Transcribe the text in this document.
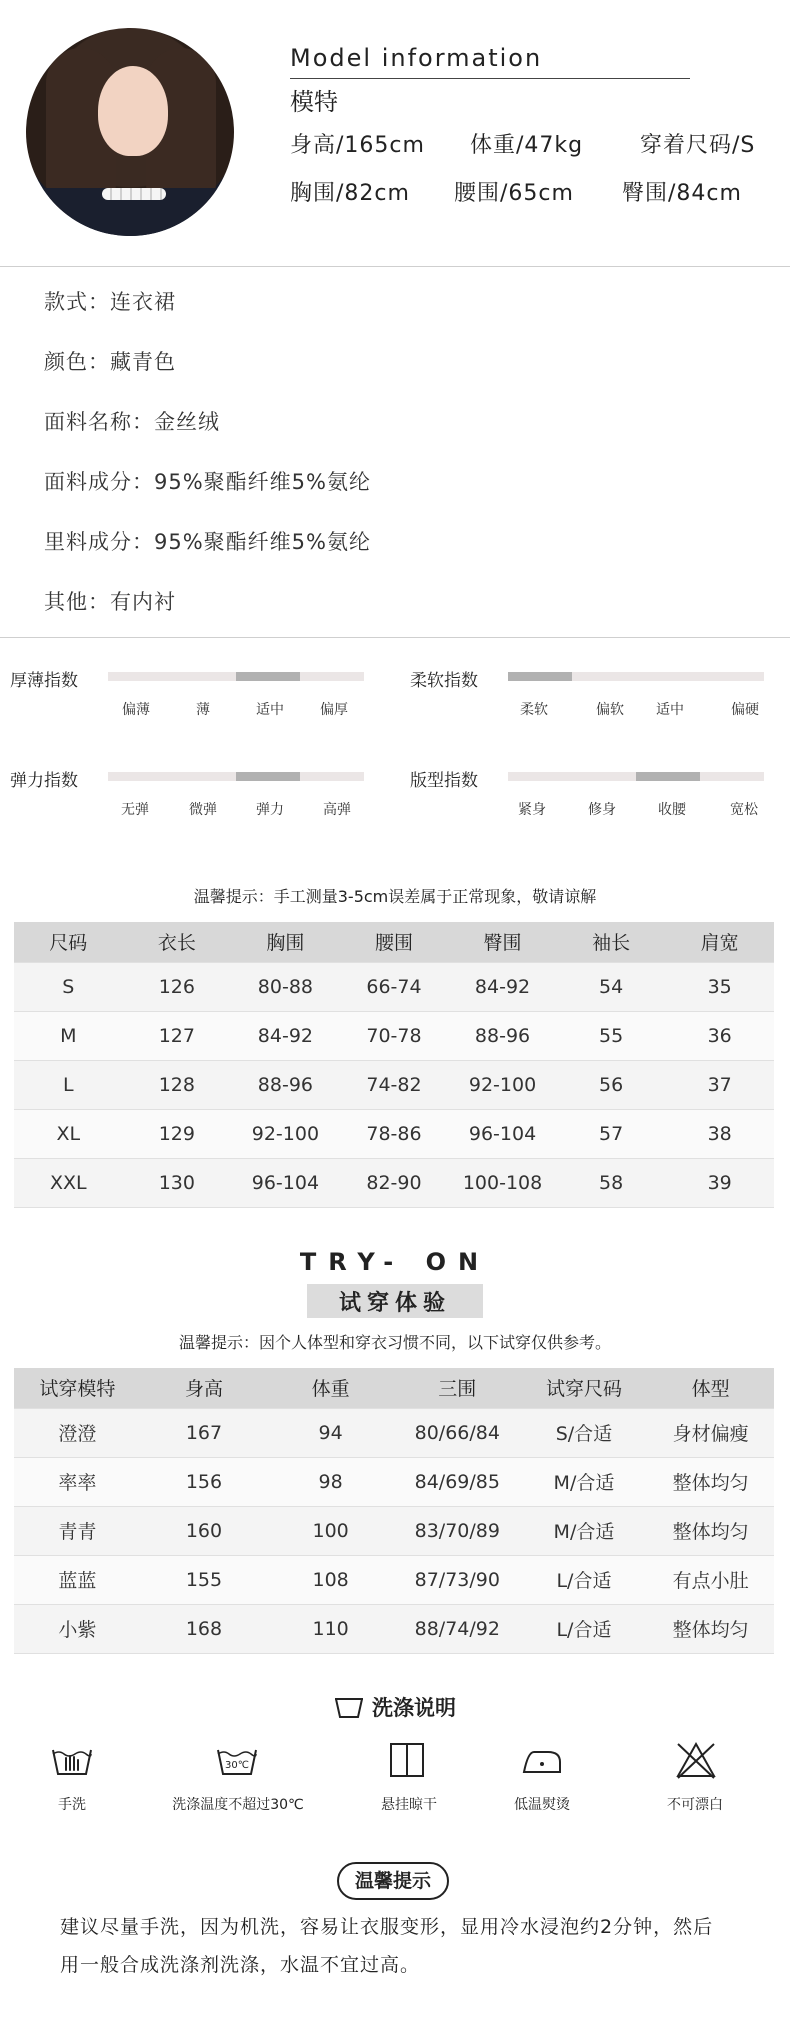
Model information
模特
身高/165cm 体重/47kg	穿着尺码/S
胸围/82cm 腰围/65cm 臀围/84cm
款式：连衣裙
颜色：藏青色
面料名称：金丝绒
面料成分：95%聚酯纤维5%氨纶
里料成分：95%聚酯纤维5%氨纶
其他：有内衬
厚薄指数
偏薄	薄	适中	偏厚
柔软指数
柔软	偏软 适中	偏硬
弹力指数
无弹	微弹	弹力	高弹
版型指数
紧身	修身	收腰	宽松
温馨提示：手工测量3-5cm误差属于正常现象，敬请谅解
尺码	衣长	胸围	腰围	臀围	袖长	肩宽
S	126	80-88	66-74	84-92	54	35
M	127	84-92	70-78	88-96	55	36
L	128	88-96	74-82	92-100	56	37
XL	129	92-100	78-86	96-104	57	38
XXL	130	96-104	82-90	100-108	58	39
TRY- ON
试穿体验
温馨提示：因个人体型和穿衣习惯不同，以下试穿仅供参考。
试穿模特	身高	体重	三围	试穿尺码	体型
澄澄	167	94	80/66/84	S/合适	身材偏瘦
率率	156	98	84/69/85	M/合适	整体均匀
青青	160	100	83/70/89	M/合适	整体均匀
蓝蓝	155	108	87/73/90	L/合适	有点小肚
小紫	168	110	88/74/92	L/合适	整体均匀
洗涤说明
手洗
30℃
洗涤温度不超过30℃	悬挂晾干	低温熨烫	不可漂白
温馨提示
建议尽量手洗，因为机洗，容易让衣服变形，显用冷水浸泡约2分钟，然后
用一般合成洗涤剂洗涤，水温不宜过高。
